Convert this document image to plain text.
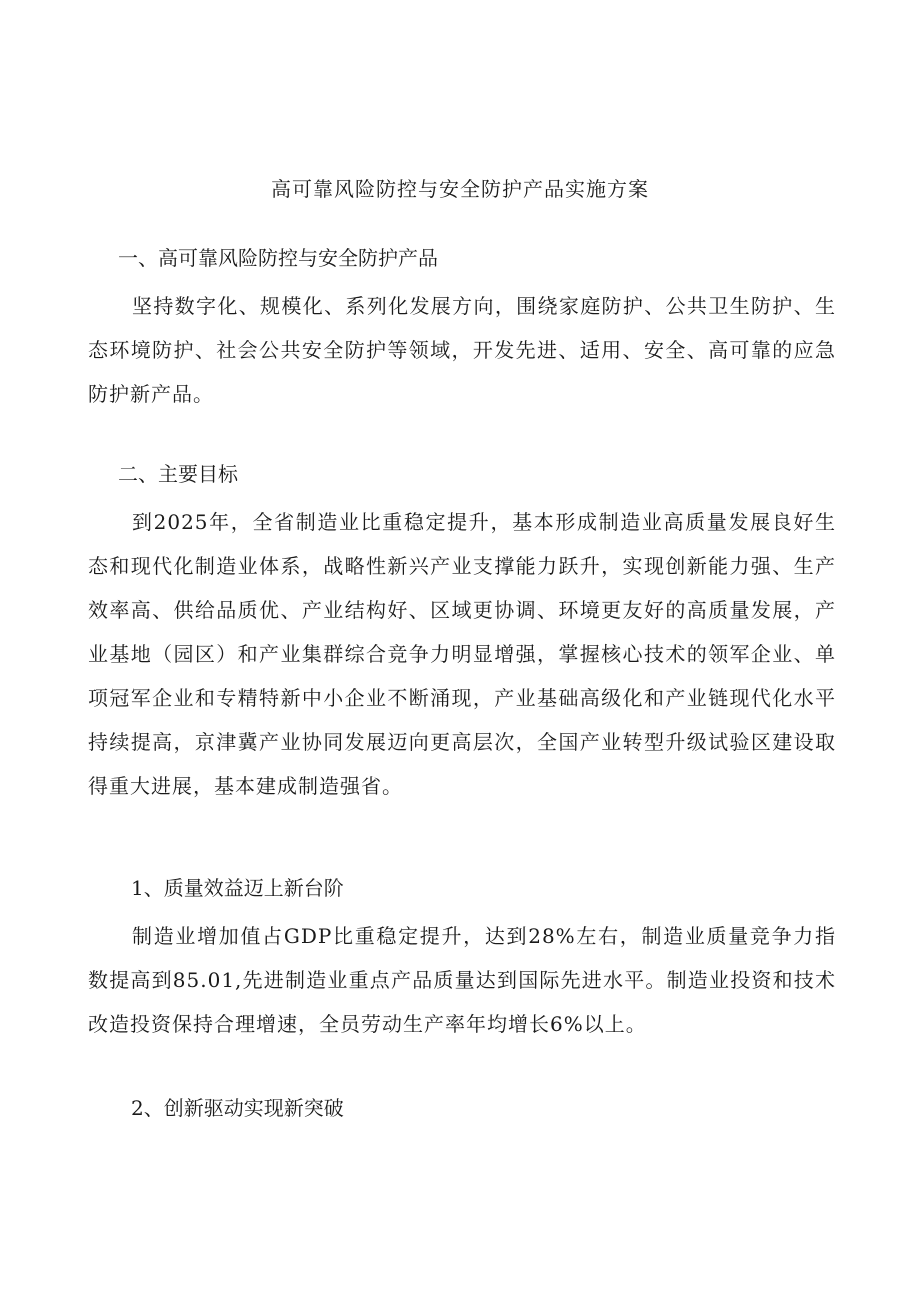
高可靠风险防控与安全防护产品实施方案
一、高可靠风险防控与安全防护产品

坚持数字化、规模化、系列化发展方向，围绕家庭防护、公共卫生防护、生态环境防护、社会公共安全防护等领域，开发先进、适用、安全、高可靠的应急防护新产品。

二、主要目标

到2025年，全省制造业比重稳定提升，基本形成制造业高质量发展良好生态和现代化制造业体系，战略性新兴产业支撑能力跃升，实现创新能力强、生产效率高、供给品质优、产业结构好、区域更协调、环境更友好的高质量发展，产业基地（园区）和产业集群综合竞争力明显增强，掌握核心技术的领军企业、单项冠军企业和专精特新中小企业不断涌现，产业基础高级化和产业链现代化水平持续提高，京津冀产业协同发展迈向更高层次，全国产业转型升级试验区建设取得重大进展，基本建成制造强省。

1、质量效益迈上新台阶

制造业增加值占GDP比重稳定提升，达到28%左右，制造业质量竞争力指数提高到85.01,先进制造业重点产品质量达到国际先进水平。制造业投资和技术改造投资保持合理增速，全员劳动生产率年均增长6%以上。

2、创新驱动实现新突破
